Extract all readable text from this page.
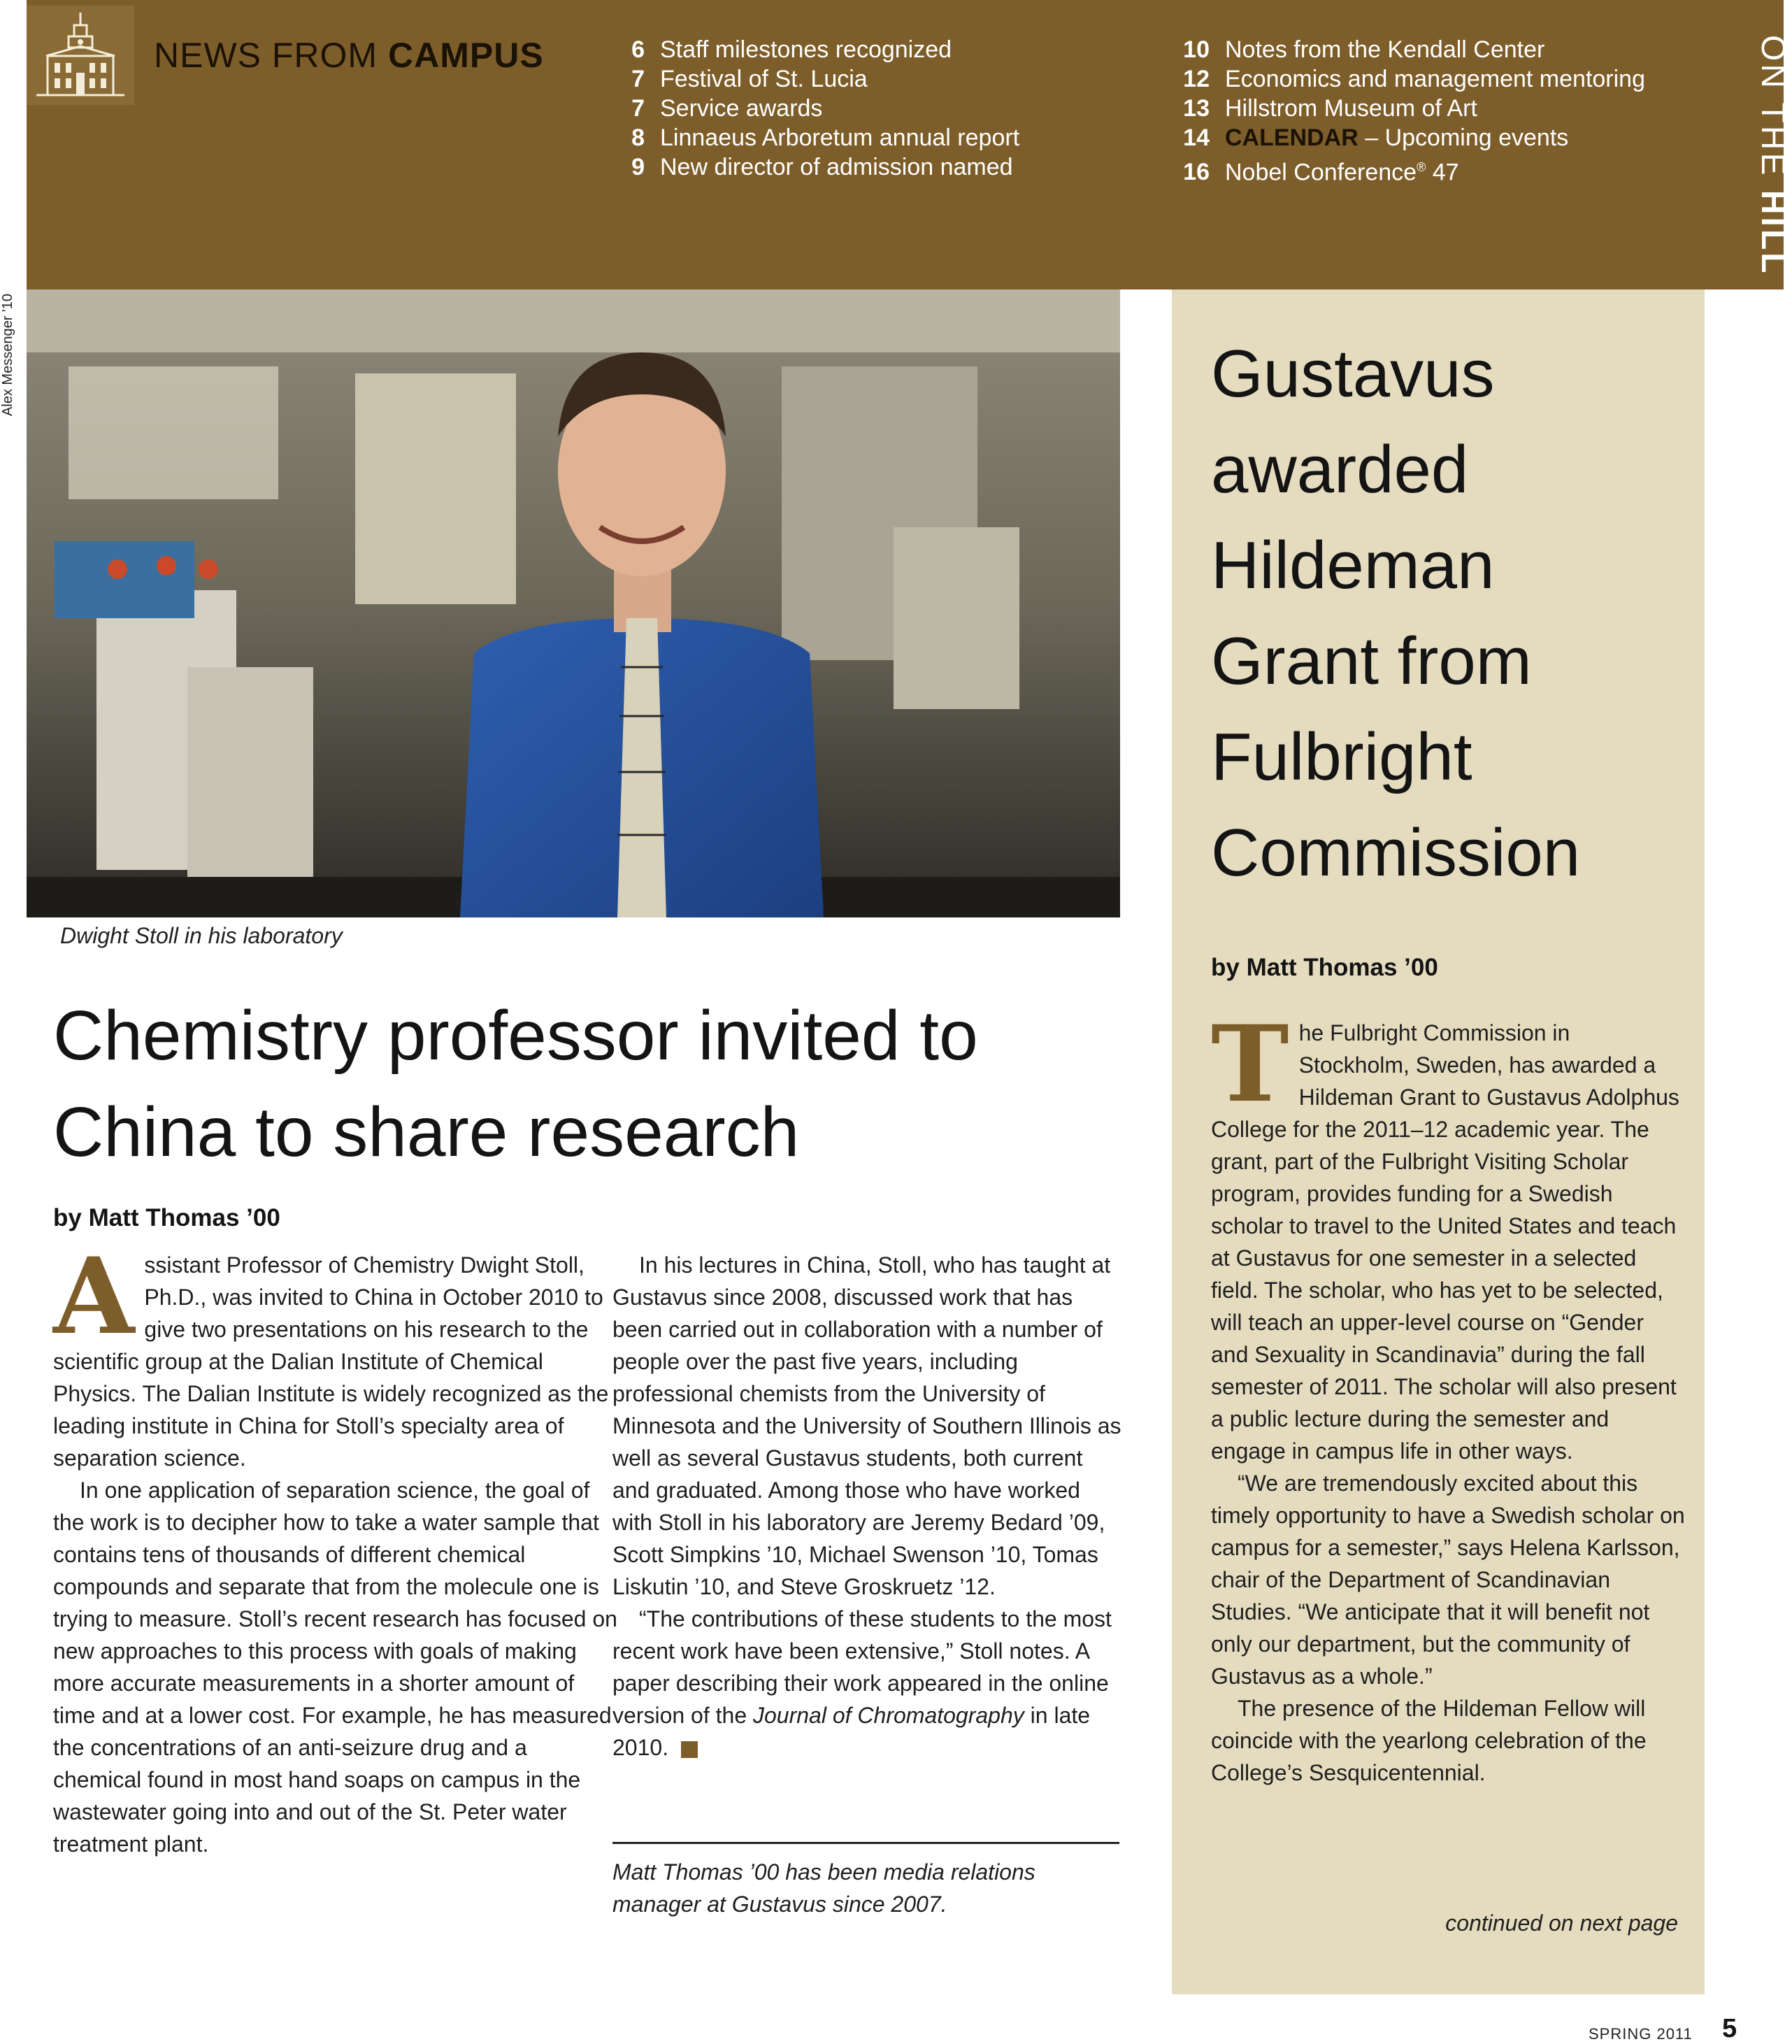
NEWS FROM CAMPUS	6 Staff milestones recognized
7 Festival of St. Lucia
7 Service awards
8 Linnaeus Arboretum annual report
9 New director of admission named
10 Notes from the Kendall Center
12 Economics and management mentoring
13 Hillstrom Museum of Art
14 CALENDAR – Upcoming events
16 Nobel Conference® 47	ON THE HILL
Alex Messenger '10
Dwight Stoll in his laboratory
Chemistry professor invited to China to share research
by Matt Thomas ’00
A ssistant Professor of Chemistry Dwight Stoll, Ph.D., was invited to China in October 2010 to give two presentations on his research to the scientific group at the Dalian Institute of Chemical Physics. The Dalian Institute is widely recognized as the leading institute in China for Stoll’s specialty area of separation science.

In one application of separation science, the goal of the work is to decipher how to take a water sample that contains tens of thousands of different chemical compounds and separate that from the molecule one is trying to measure. Stoll’s recent research has focused on new approaches to this process with goals of making more accurate measurements in a shorter amount of time and at a lower cost. For example, he has measured the concentrations of an anti-seizure drug and a chemical found in most hand soaps on campus in the wastewater going into and out of the St. Peter water treatment plant.

In his lectures in China, Stoll, who has taught at Gustavus since 2008, discussed work that has been carried out in collaboration with a number of people over the past five years, including professional chemists from the University of Minnesota and the University of Southern Illinois as well as several Gustavus students, both current and graduated. Among those who have worked with Stoll in his laboratory are Jeremy Bedard ’09, Scott Simpkins ’10, Michael Swenson ’10, Tomas Liskutin ’10, and Steve Groskruetz ’12.

“The contributions of these students to the most recent work have been extensive,” Stoll notes. A paper describing their work appeared in the online version of the Journal of Chromatography in late 2010.

Matt Thomas ’00 has been media relations manager at Gustavus since 2007.

Gustavus awarded Hildeman Grant from Fulbright Commission
by Matt Thomas ’00
T he Fulbright Commission in Stockholm, Sweden, has awarded a Hildeman Grant to Gustavus Adolphus College for the 2011–12 academic year. The grant, part of the Fulbright Visiting Scholar program, provides funding for a Swedish scholar to travel to the United States and teach at Gustavus for one semester in a selected field. The scholar, who has yet to be selected, will teach an upper-level course on “Gender and Sexuality in Scandinavia” during the fall semester of 2011. The scholar will also present a public lecture during the semester and engage in campus life in other ways.

“We are tremendously excited about this timely opportunity to have a Swedish scholar on campus for a semester,” says Helena Karlsson, chair of the Department of Scandinavian Studies. “We anticipate that it will benefit not only our department, but the community of Gustavus as a whole.”

The presence of the Hildeman Fellow will coincide with the yearlong celebration of the College’s Sesquicentennial.

continued on next page
SPRING 2011 5
